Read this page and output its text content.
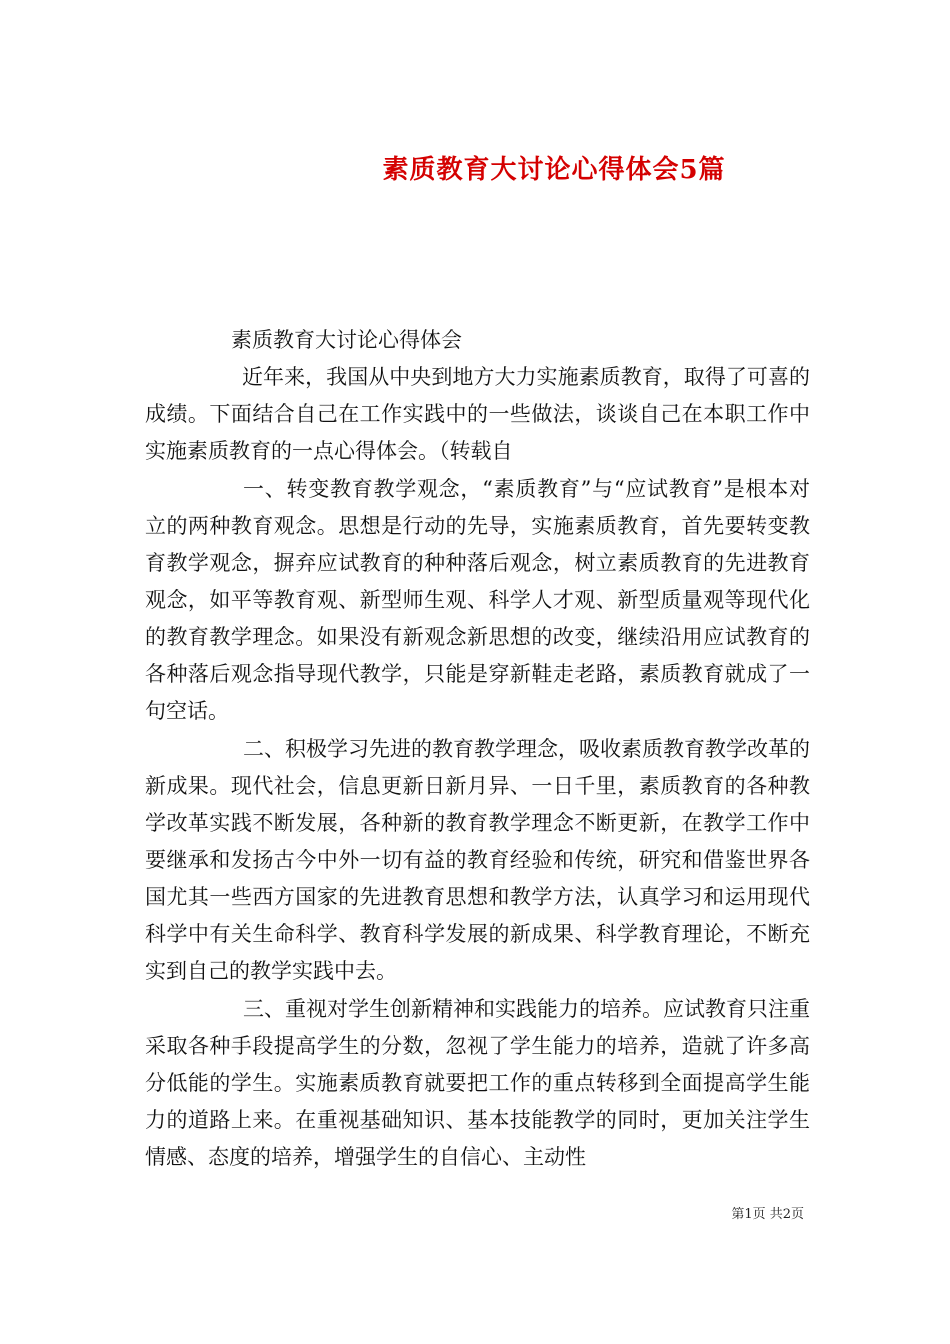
素质教育大讨论心得体会5篇

素质教育大讨论心得体会

近年来，我国从中央到地方大力实施素质教育，取得了可喜的成绩。下面结合自己在工作实践中的一些做法，谈谈自己在本职工作中实施素质教育的一点心得体会。（转载自

一、转变教育教学观念，“素质教育”与“应试教育”是根本对立的两种教育观念。思想是行动的先导，实施素质教育，首先要转变教育教学观念，摒弃应试教育的种种落后观念，树立素质教育的先进教育观念，如平等教育观、新型师生观、科学人才观、新型质量观等现代化的教育教学理念。如果没有新观念新思想的改变，继续沿用应试教育的各种落后观念指导现代教学，只能是穿新鞋走老路，素质教育就成了一句空话。

二、积极学习先进的教育教学理念，吸收素质教育教学改革的新成果。现代社会，信息更新日新月异、一日千里，素质教育的各种教学改革实践不断发展，各种新的教育教学理念不断更新，在教学工作中要继承和发扬古今中外一切有益的教育经验和传统，研究和借鉴世界各国尤其一些西方国家的先进教育思想和教学方法，认真学习和运用现代科学中有关生命科学、教育科学发展的新成果、科学教育理论，不断充实到自己的教学实践中去。

三、重视对学生创新精神和实践能力的培养。应试教育只注重采取各种手段提高学生的分数，忽视了学生能力的培养，造就了许多高分低能的学生。实施素质教育就要把工作的重点转移到全面提高学生能力的道路上来。在重视基础知识、基本技能教学的同时，更加关注学生情感、态度的培养，增强学生的自信心、主动性

第1页 共2页
